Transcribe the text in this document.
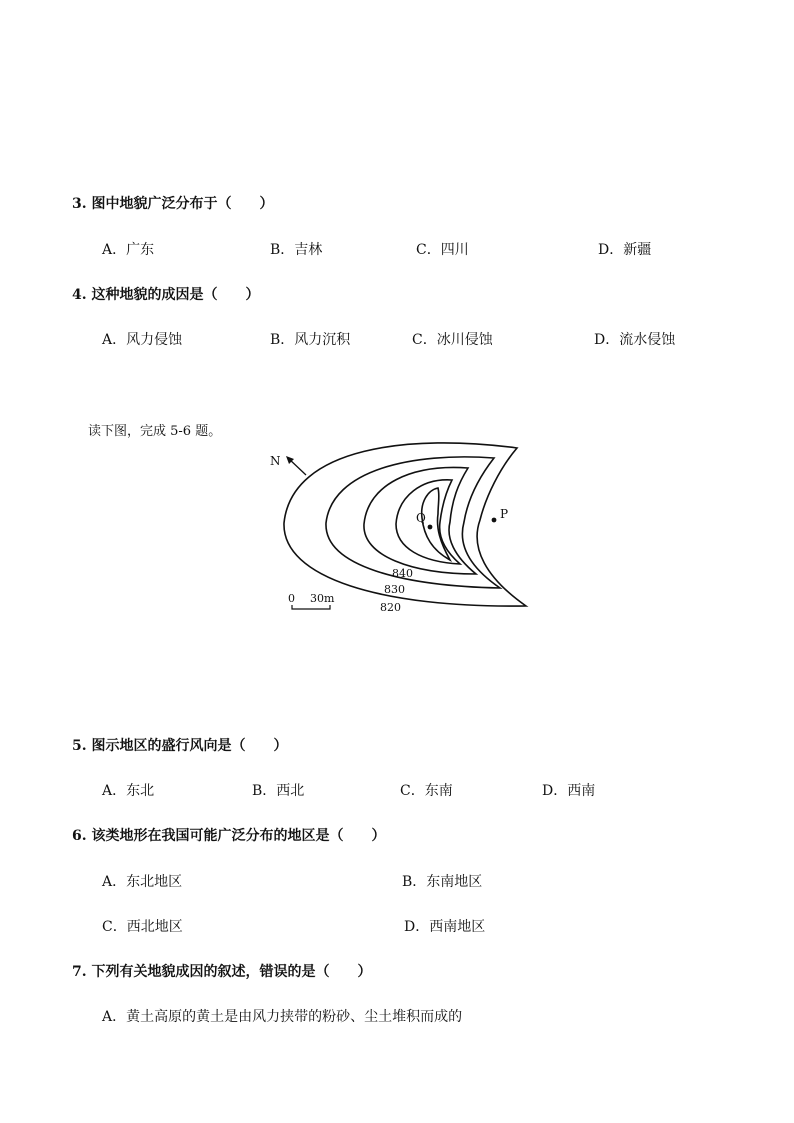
3. 图中地貌广泛分布于（　　）
A．广东	B．吉林	C．四川	D．新疆
4. 这种地貌的成因是（　　）
A．风力侵蚀	B．风力沉积	C．冰川侵蚀	D．流水侵蚀
读下图，完成 5-6 题。
N
Q	P
840
830
820
0 30m
5. 图示地区的盛行风向是（　　）
A．东北	B．西北	C．东南	D．西南
6. 该类地形在我国可能广泛分布的地区是（　　）
A．东北地区	B．东南地区
C．西北地区	D．西南地区
7. 下列有关地貌成因的叙述，错误的是（　　）
A．黄土高原的黄土是由风力挟带的粉砂、尘土堆积而成的
